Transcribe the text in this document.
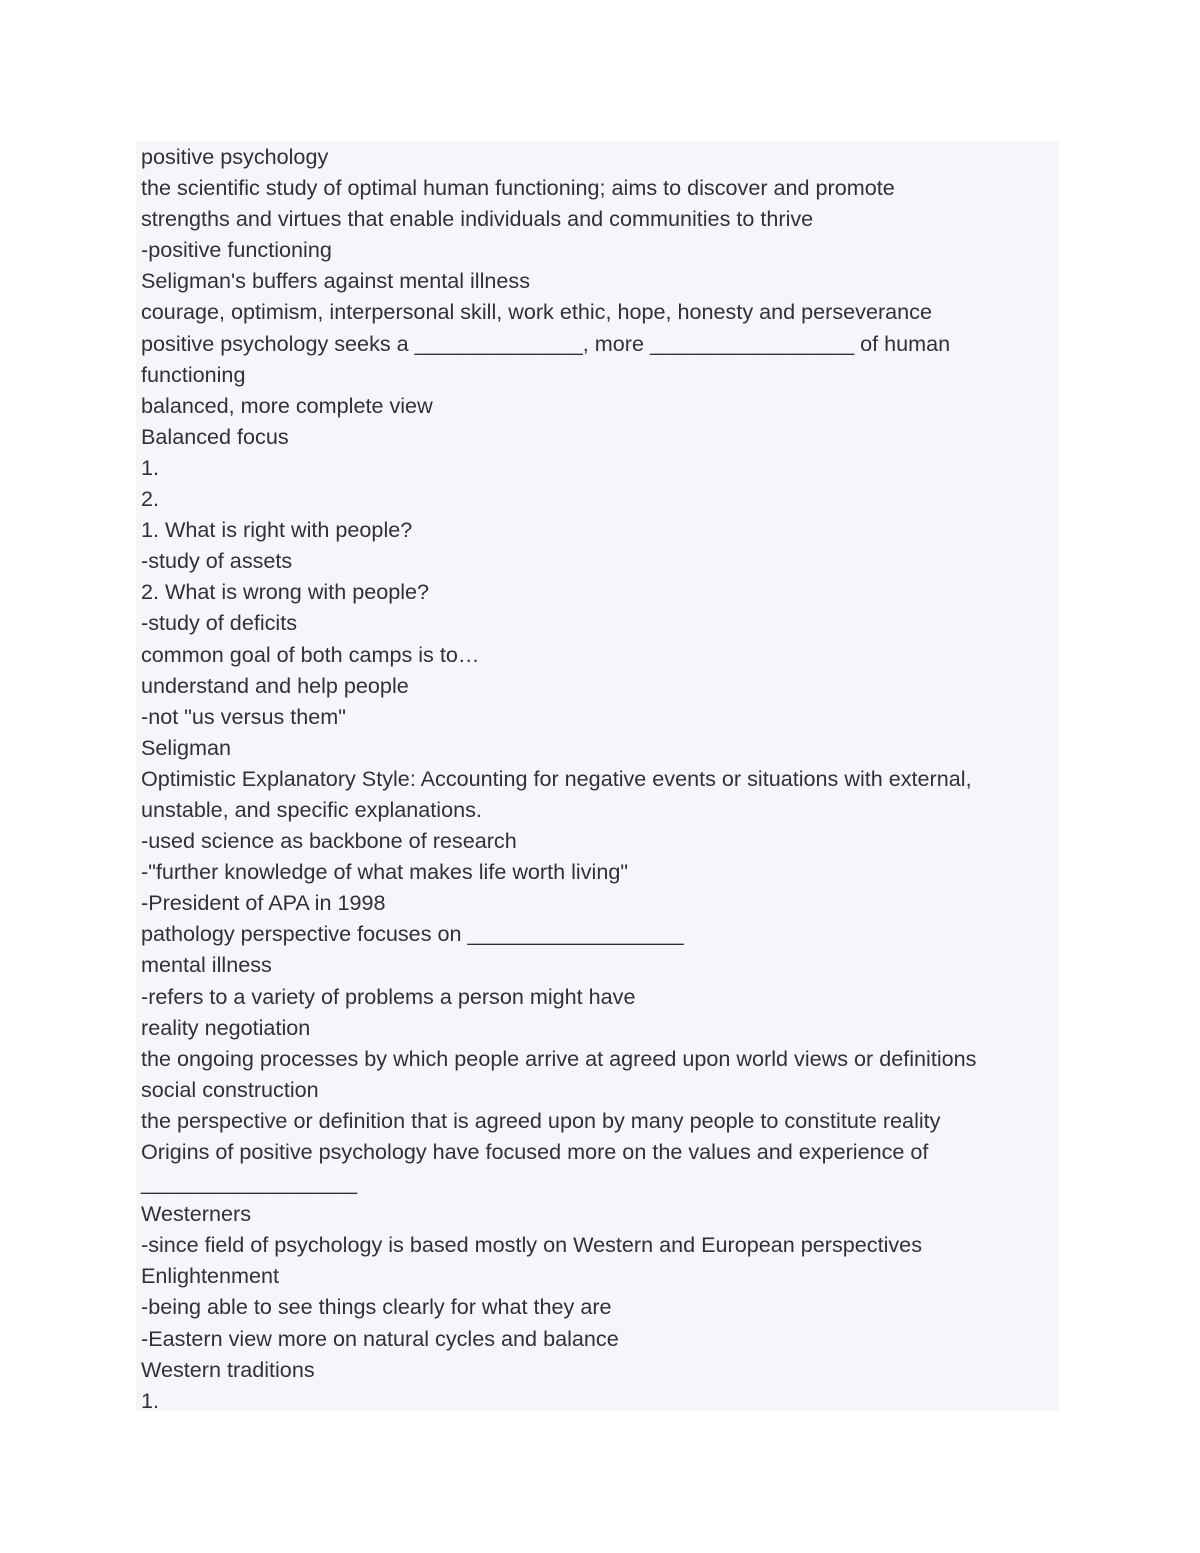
positive psychology
the scientific study of optimal human functioning; aims to discover and promote
strengths and virtues that enable individuals and communities to thrive
-positive functioning
Seligman's buffers against mental illness
courage, optimism, interpersonal skill, work ethic, hope, honesty and perseverance
positive psychology seeks a ______________, more _________________ of human
functioning
balanced, more complete view
Balanced focus
1.
2.
1. What is right with people?
-study of assets
2. What is wrong with people?
-study of deficits
common goal of both camps is to…
understand and help people
-not "us versus them"
Seligman
Optimistic Explanatory Style: Accounting for negative events or situations with external,
unstable, and specific explanations.
-used science as backbone of research
-"further knowledge of what makes life worth living"
-President of APA in 1998
pathology perspective focuses on __________________
mental illness
-refers to a variety of problems a person might have
reality negotiation
the ongoing processes by which people arrive at agreed upon world views or definitions
social construction
the perspective or definition that is agreed upon by many people to constitute reality
Origins of positive psychology have focused more on the values and experience of
__________________
Westerners
-since field of psychology is based mostly on Western and European perspectives
Enlightenment
-being able to see things clearly for what they are
-Eastern view more on natural cycles and balance
Western traditions
1.
